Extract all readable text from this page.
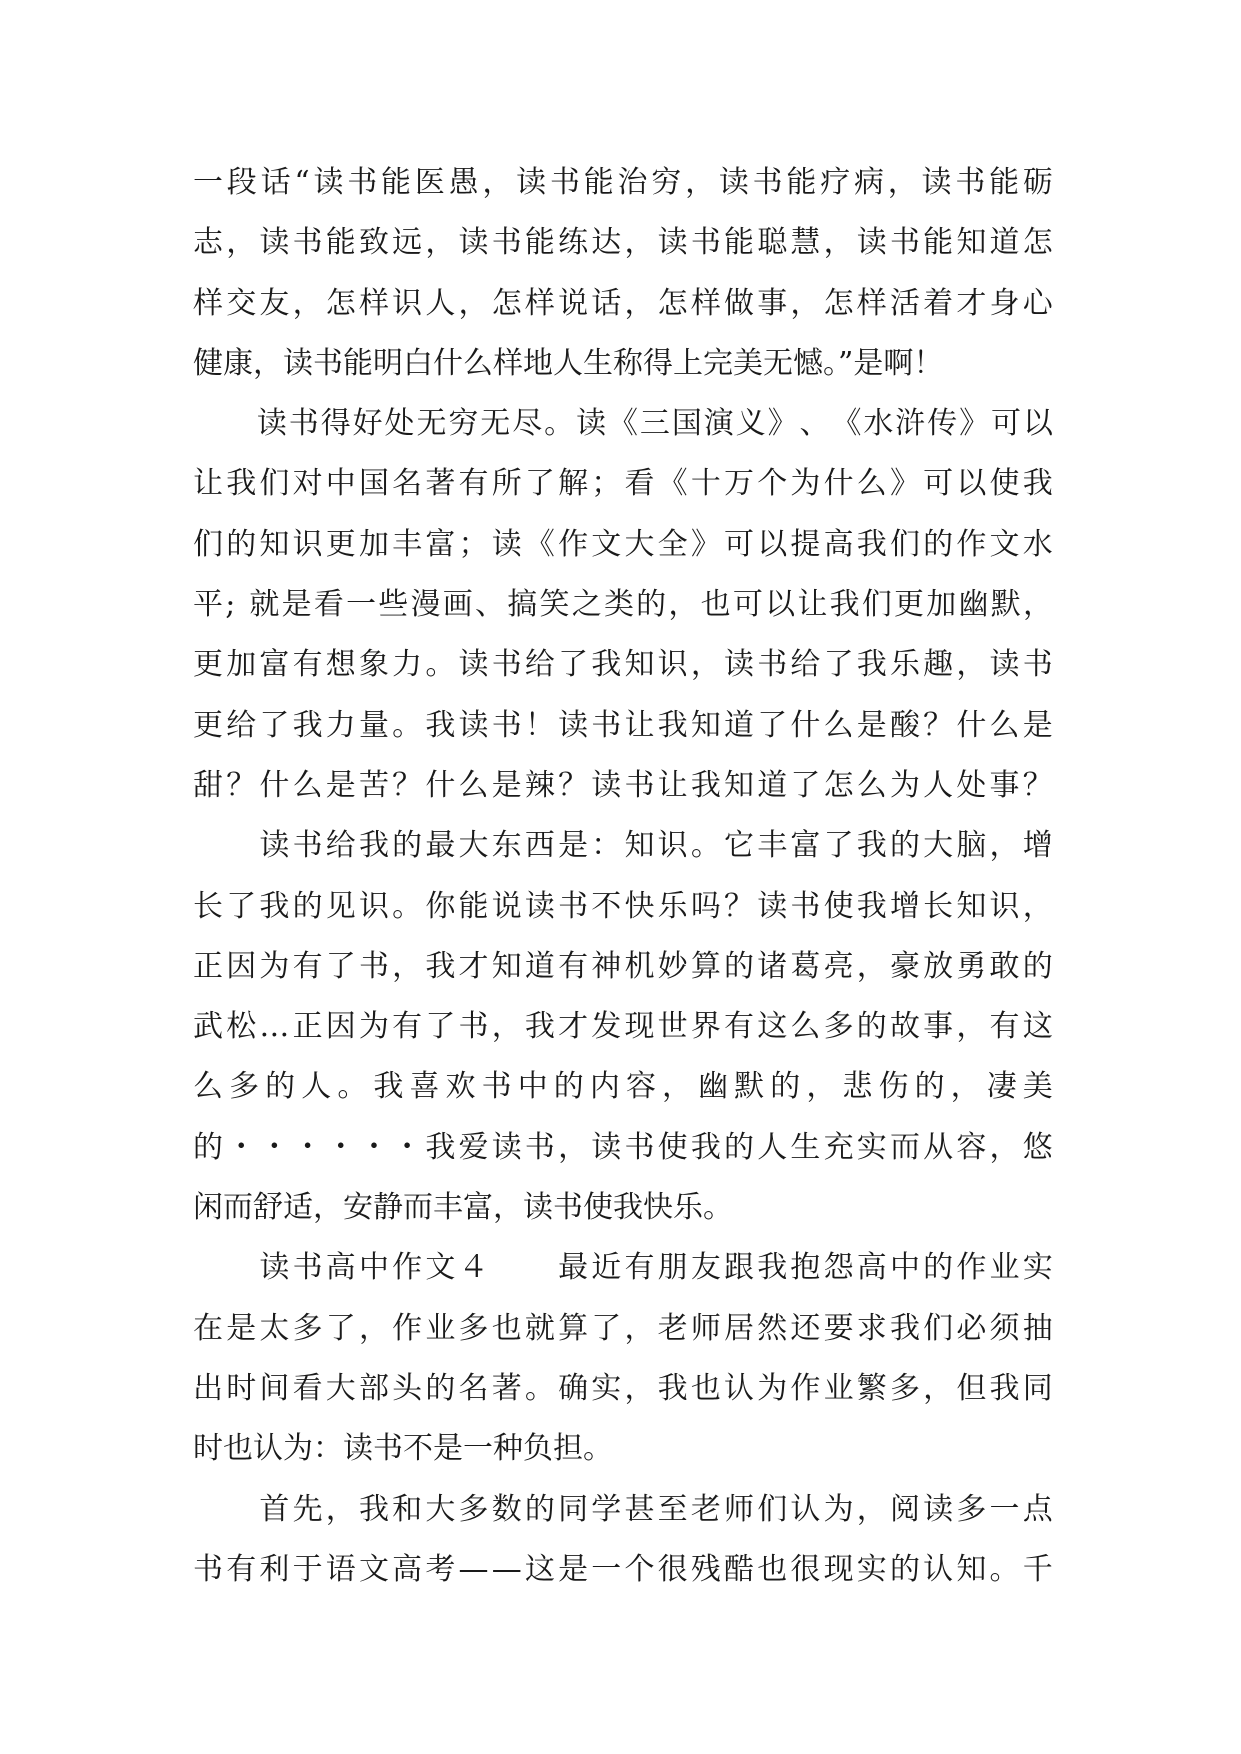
一 段 话 “ 读 书 能 医 愚 ， 读 书 能 治 穷 ， 读 书 能 疗 病 ， 读 书 能 砺
志 ， 读 书 能 致 远 ， 读 书 能 练 达 ， 读 书 能 聪 慧 ， 读 书 能 知 道 怎
样 交 友 ， 怎 样 识 人 ， 怎 样 说 话 ， 怎 样 做 事 ， 怎 样 活 着 才 身 心
健康，读书能明白什么样地人生称得上完美无憾。”是啊！

读 书 得 好 处 无 穷 无 尽 。 读 《 三 国 演 义 》 、 《 水 浒 传 》 可 以
让 我 们 对 中 国 名 著 有 所 了 解 ； 看 《 十 万 个 为 什 么 》 可 以 使 我
们 的 知 识 更 加 丰 富 ； 读 《 作 文 大 全 》 可 以 提 高 我 们 的 作 文 水
平 ;
就 是 看 一 些 漫 画 、 搞 笑 之 类 的 ， 也 可 以 让 我 们 更 加 幽 默 ，
更 加 富 有 想 象 力 。 读 书 给 了 我 知 识 ， 读 书 给 了 我 乐 趣 ， 读 书
更 给 了 我 力 量 。 我 读 书 ！ 读 书 让 我 知 道 了 什 么 是 酸 ？ 什 么 是
甜 ？ 什 么 是 苦 ？ 什 么 是 辣 ？ 读 书 让 我 知 道 了 怎 么 为 人 处 事 ？

读 书 给 我 的 最 大 东 西 是 ： 知 识 。 它 丰 富 了 我 的 大 脑 ， 增
长 了 我 的 见 识 。 你 能 说 读 书 不 快 乐 吗 ？ 读 书 使 我 增 长 知 识 ，
正 因 为 有 了 书 ， 我 才 知 道 有 神 机 妙 算 的 诸 葛 亮 ， 豪 放 勇 敢 的
武 松 … 正 因 为 有 了 书 ， 我 才 发 现 世 界 有 这 么 多 的 故 事 ， 有 这
么 多 的 人 。 我 喜 欢 书 中 的 内 容 ， 幽 默 的 ， 悲 伤 的 ， 凄 美
的 ・ ・ ・ ・ ・ ・ 我 爱 读 书 ， 读 书 使 我 的 人 生 充 实 而 从 容 ， 悠
闲而舒适，安静而丰富，读书使我快乐。

读 书 高 中 作 文 ４

　 最 近 有 朋 友 跟 我 抱 怨 高 中 的 作 业 实
在 是 太 多 了 ， 作 业 多 也 就 算 了 ， 老 师 居 然 还 要 求 我 们 必 须 抽
出 时 间 看 大 部 头 的 名 著 。 确 实 ， 我 也 认 为 作 业 繁 多 ， 但 我 同
时也认为：读书不是一种负担。

首 先 ， 我 和 大 多 数 的 同 学 甚 至 老 师 们 认 为 ， 阅 读 多 一 点
书 有 利 于 语 文 高 考 — — 这 是 一 个 很 残 酷 也 很 现 实 的 认 知 。 千
